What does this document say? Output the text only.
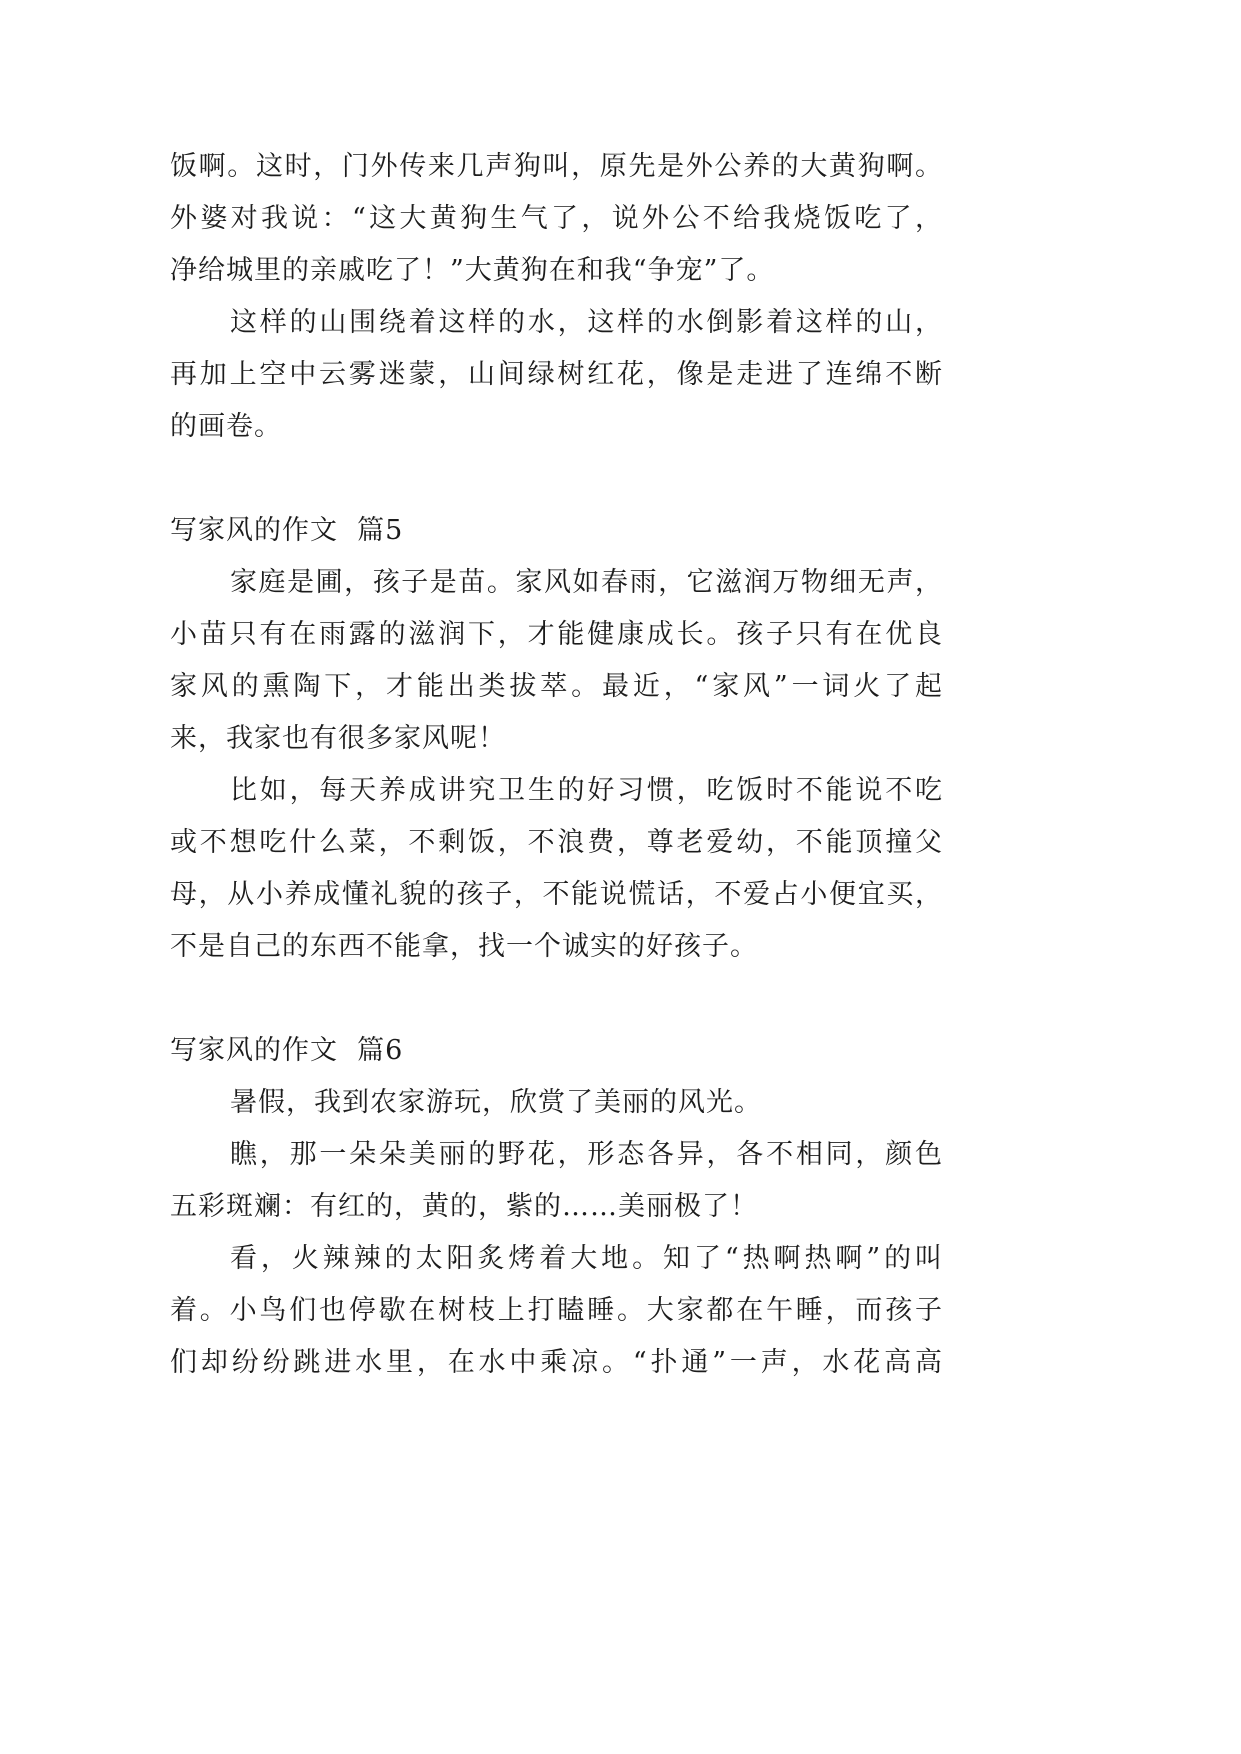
饭啊。这时，门外传来几声狗叫，原先是外公养的大黄狗啊。
外婆对我说：“这大黄狗生气了，说外公不给我烧饭吃了，
净给城里的亲戚吃了！”大黄狗在和我“争宠”了。
这样的山围绕着这样的水，这样的水倒影着这样的山，
再加上空中云雾迷蒙，山间绿树红花，像是走进了连绵不断
的画卷。
写家风的作文  篇5
家庭是圃，孩子是苗。家风如春雨，它滋润万物细无声，
小苗只有在雨露的滋润下，才能健康成长。孩子只有在优良
家风的熏陶下，才能出类拔萃。最近，“家风”一词火了起
来，我家也有很多家风呢！
比如，每天养成讲究卫生的好习惯，吃饭时不能说不吃
或不想吃什么菜，不剩饭，不浪费，尊老爱幼，不能顶撞父
母，从小养成懂礼貌的孩子，不能说慌话，不爱占小便宜买，
不是自己的东西不能拿，找一个诚实的好孩子。
写家风的作文  篇6
暑假，我到农家游玩，欣赏了美丽的风光。
瞧，那一朵朵美丽的野花，形态各异，各不相同，颜色
五彩斑斓：有红的，黄的，紫的……美丽极了！
看，火辣辣的太阳炙烤着大地。知了“热啊热啊”的叫
着。小鸟们也停歇在树枝上打瞌睡。大家都在午睡，而孩子
们却纷纷跳进水里，在水中乘凉。“扑通”一声，水花高高
